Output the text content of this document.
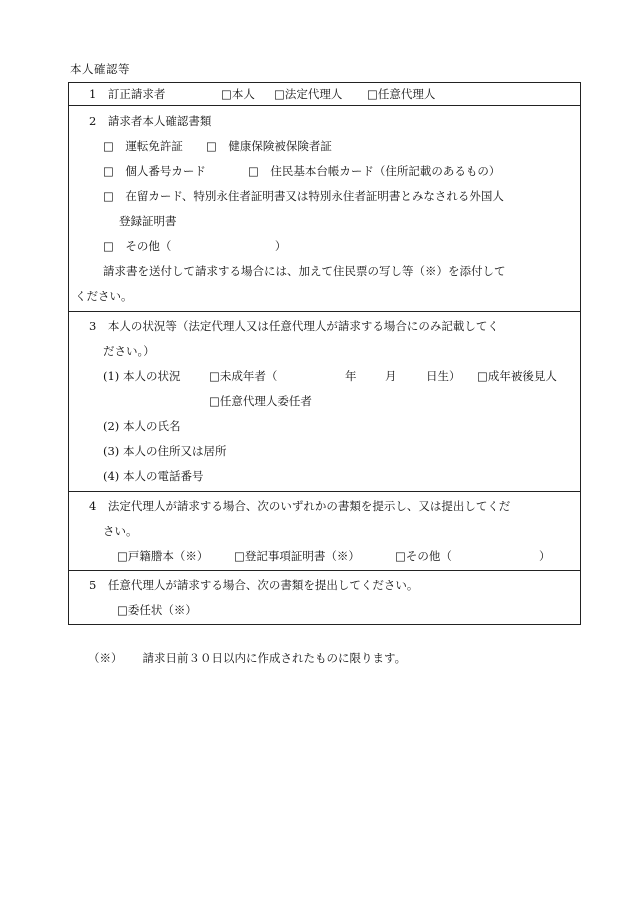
本人確認等
1　訂正請求者	□本人 □法定代理人 □任意代理人
2　請求者本人確認書類
□　運転免許証 □　健康保険被保険者証
□　個人番号カード	□　住民基本台帳カード（住所記載のあるもの）
□　在留カード、特別永住者証明書又は特別永住者証明書とみなされる外国人
登録証明書
□　その他（　　　　　　　　　）
請求書を送付して請求する場合には、加えて住民票の写し等（※）を添付して
ください。
3　本人の状況等（法定代理人又は任意代理人が請求する場合にのみ記載してく
ださい。）
(1) 本人の状況 □未成年者（	年 月	日生） □成年被後見人
□任意代理人委任者
(2) 本人の氏名
(3) 本人の住所又は居所
(4) 本人の電話番号
4　法定代理人が請求する場合、次のいずれかの書類を提示し、又は提出してくだ
さい。
□戸籍謄本（※） □登記事項証明書（※）	□その他（	）
5　任意代理人が請求する場合、次の書類を提出してください。
□委任状（※）
（※） 請求日前３０日以内に作成されたものに限ります。
